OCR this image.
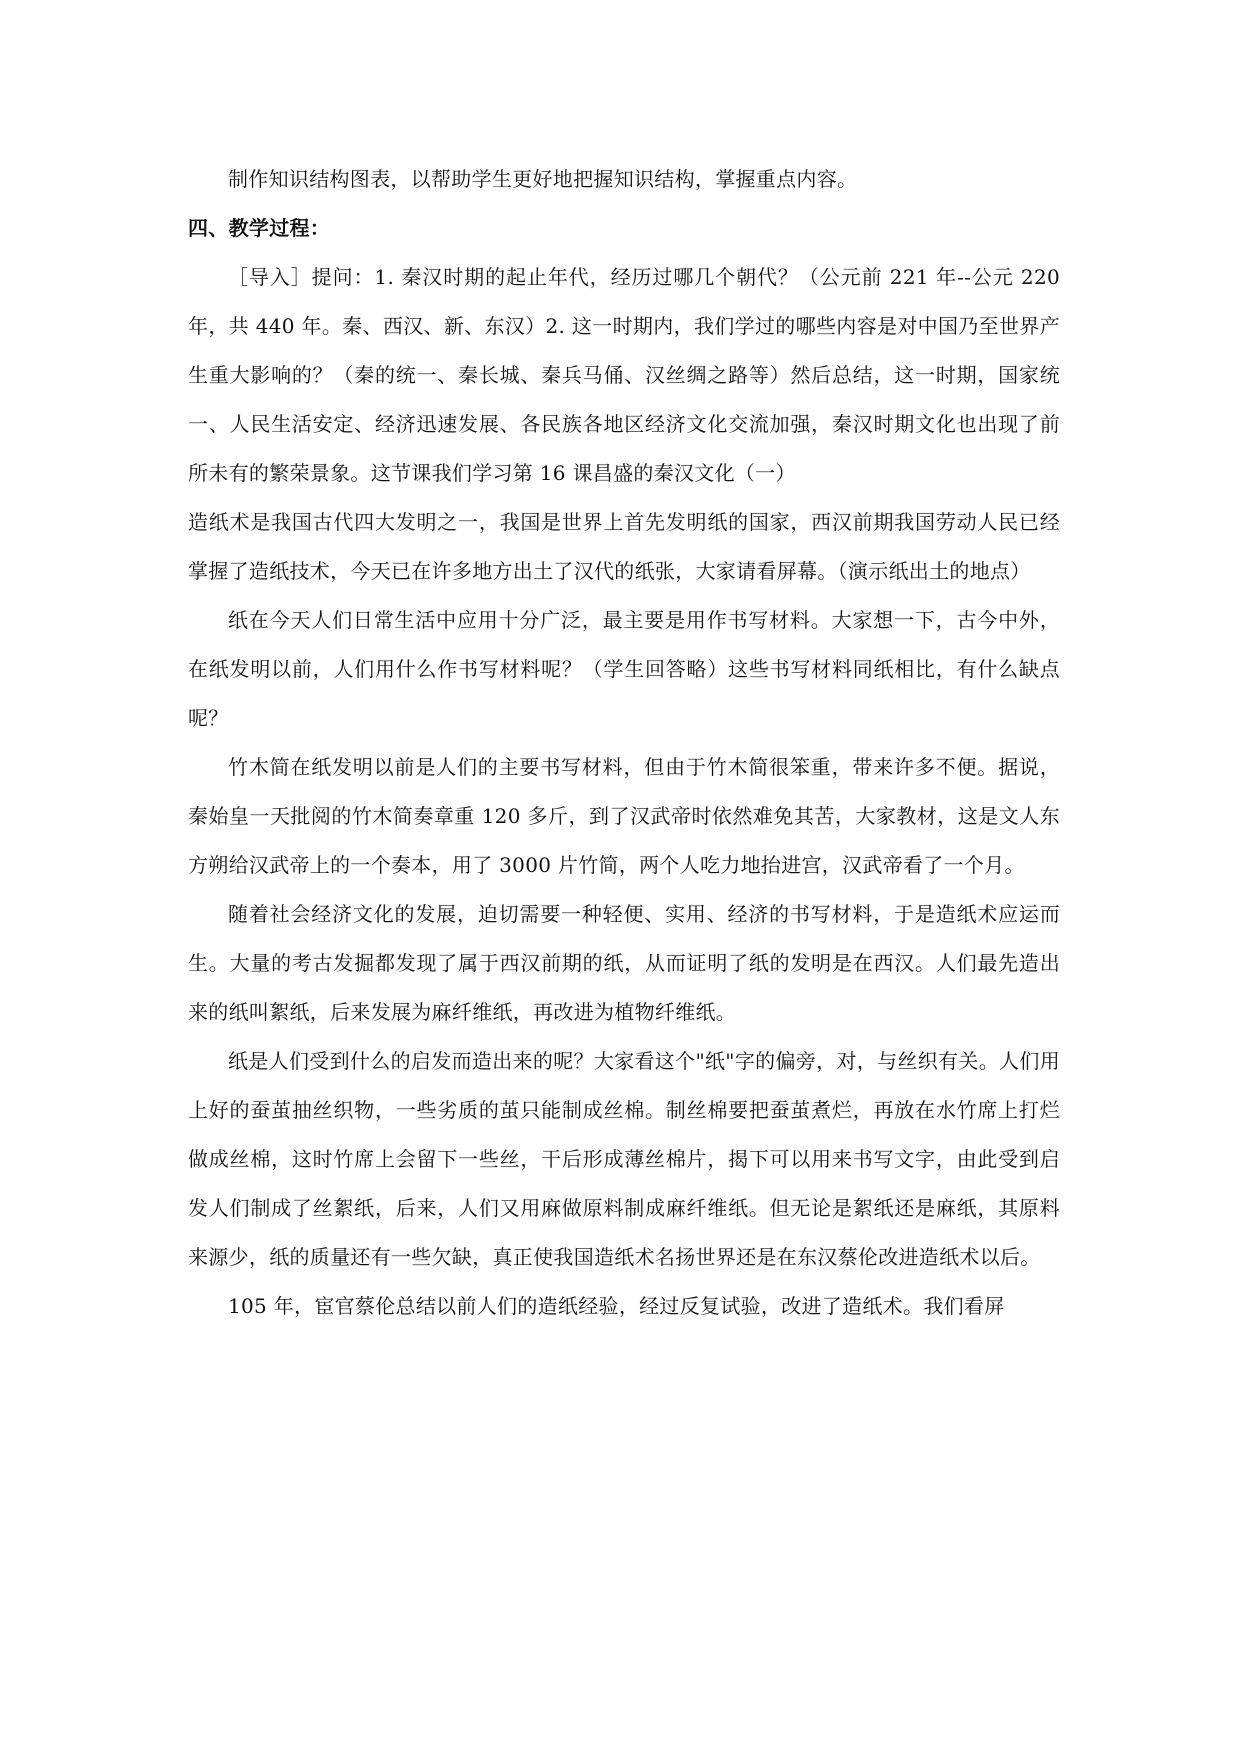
制作知识结构图表，以帮助学生更好地把握知识结构，掌握重点内容。

四、教学过程：

［导入］提问：1. 秦汉时期的起止年代，经历过哪几个朝代？（公元前 221 年--公元 220 年，共 440 年。秦、西汉、新、东汉）2. 这一时期内，我们学过的哪些内容是对中国乃至世界产生重大影响的？（秦的统一、秦长城、秦兵马俑、汉丝绸之路等）然后总结，这一时期，国家统一、人民生活安定、经济迅速发展、各民族各地区经济文化交流加强，秦汉时期文化也出现了前所未有的繁荣景象。这节课我们学习第 16 课昌盛的秦汉文化（一）

造纸术是我国古代四大发明之一，我国是世界上首先发明纸的国家，西汉前期我国劳动人民已经掌握了造纸技术，今天已在许多地方出土了汉代的纸张，大家请看屏幕。（演示纸出土的地点）

纸在今天人们日常生活中应用十分广泛，最主要是用作书写材料。大家想一下，古今中外，在纸发明以前，人们用什么作书写材料呢？（学生回答略）这些书写材料同纸相比，有什么缺点呢？

竹木简在纸发明以前是人们的主要书写材料，但由于竹木简很笨重，带来许多不便。据说，秦始皇一天批阅的竹木简奏章重 120 多斤，到了汉武帝时依然难免其苦，大家教材，这是文人东方朔给汉武帝上的一个奏本，用了 3000 片竹简，两个人吃力地抬进宫，汉武帝看了一个月。

随着社会经济文化的发展，迫切需要一种轻便、实用、经济的书写材料，于是造纸术应运而生。大量的考古发掘都发现了属于西汉前期的纸，从而证明了纸的发明是在西汉。人们最先造出来的纸叫絮纸，后来发展为麻纤维纸，再改进为植物纤维纸。

纸是人们受到什么的启发而造出来的呢？大家看这个"纸"字的偏旁，对，与丝织有关。人们用上好的蚕茧抽丝织物，一些劣质的茧只能制成丝棉。制丝棉要把蚕茧煮烂，再放在水竹席上打烂做成丝棉，这时竹席上会留下一些丝，干后形成薄丝棉片，揭下可以用来书写文字，由此受到启发人们制成了丝絮纸，后来，人们又用麻做原料制成麻纤维纸。但无论是絮纸还是麻纸，其原料来源少，纸的质量还有一些欠缺，真正使我国造纸术名扬世界还是在东汉蔡伦改进造纸术以后。

105 年，宦官蔡伦总结以前人们的造纸经验，经过反复试验，改进了造纸术。我们看屏
